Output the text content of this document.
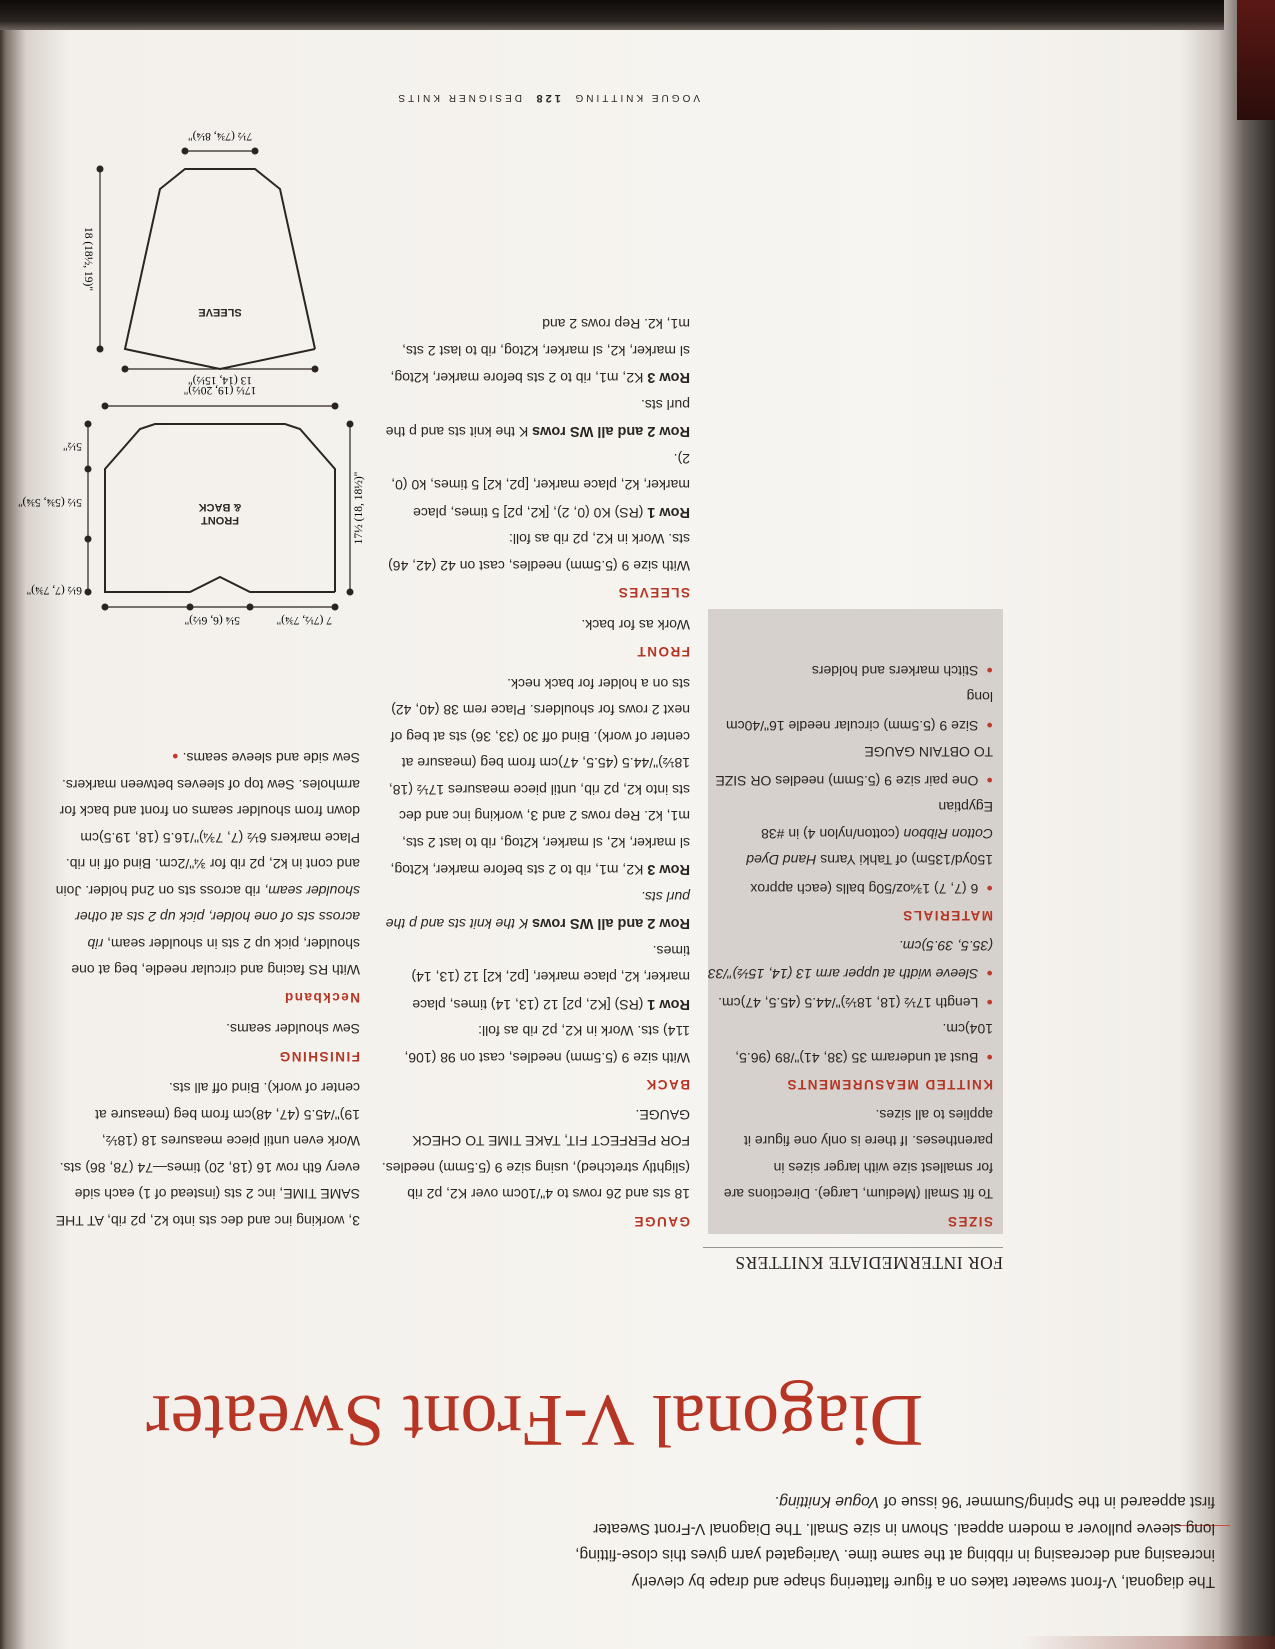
The diagonal, V-front sweater takes on a figure flattering shape and drape by cleverly increasing and decreasing in ribbing at the same time. Variegated yarn gives this close-fitting, long sleeve pullover a modern appeal. Shown in size Small. The Diagonal V-Front Sweater first appeared in the Spring/Summer '96 issue of Vogue Knitting.
Diagonal V-Front Sweater
FOR INTERMEDIATE KNITTERS

SIZES

To fit Small (Medium, Large). Directions are for smallest size with larger sizes in parentheses. If there is only one figure it applies to all sizes.

KNITTED MEASUREMENTS

● Bust at underarm 35 (38, 41)"/89 (96.5, 104)cm.

● Length 17½ (18, 18½)"/44.5 (45.5, 47)cm.

● Sleeve width at upper arm 13 (14, 15½)"/33 (35.5, 39.5)cm.

MATERIALS

● 6 (7, 7) 1¾oz/50g balls (each approx 150yd/135m) of Tahki Yarns Hand Dyed Cotton Ribbon (cotton/nylon 4) in #38 Egyptian

● One pair size 9 (5.5mm) needles OR SIZE TO OBTAIN GAUGE

● Size 9 (5.5mm) circular needle 16"/40cm long

● Stitch markers and holders

GAUGE

18 sts and 26 rows to 4"/10cm over K2, p2 rib (slightly stretched), using size 9 (5.5mm) needles. FOR PERFECT FIT, TAKE TIME TO CHECK GAUGE.

BACK

With size 9 (5.5mm) needles, cast on 98 (106, 114) sts. Work in K2, p2 rib as foll:

Row 1 (RS) [K2, p2] 12 (13, 14) times, place marker, k2, place marker, [p2, k2] 12 (13, 14) times.

Row 2 and all WS rows K the knit sts and p the purl sts.

Row 3 K2, m1, rib to 2 sts before marker, k2tog, sl marker, k2, sl marker, k2tog, rib to last 2 sts, m1, k2. Rep rows 2 and 3, working inc and dec sts into k2, p2 rib, until piece measures 17½ (18, 18½)"/44.5 (45.5, 47)cm from beg (measure at center of work). Bind off 30 (33, 36) sts at beg of next 2 rows for shoulders. Place rem 38 (40, 42) sts on a holder for back neck.

FRONT

Work as for back.

SLEEVES

With size 9 (5.5mm) needles, cast on 42 (42, 46) sts. Work in K2, p2 rib as foll:

Row 1 (RS) K0 (0, 2), [k2, p2] 5 times, place marker, k2, place marker, [p2, k2] 5 times, k0 (0, 2).

Row 2 and all WS rows K the knit sts and p the purl sts.

Row 3 K2, m1, rib to 2 sts before marker, k2tog, sl marker, k2, sl marker, k2tog, rib to last 2 sts, m1, k2. Rep rows 2 and

3, working inc and dec sts into k2, p2 rib, AT THE SAME TIME, inc 2 sts (instead of 1) each side every 6th row 16 (18, 20) times—74 (78, 86) sts. Work even until piece measures 18 (18½, 19)"/45.5 (47, 48)cm from beg (measure at center of work). Bind off all sts.

FINISHING

Sew shoulder seams.

Neckband

With RS facing and circular needle, beg at one shoulder, pick up 2 sts in shoulder seam, rib across sts of one holder, pick up 2 sts at other shoulder seam, rib across sts on 2nd holder. Join and cont in k2, p2 rib for ¾"/2cm. Bind off in rib. Place markers 6½ (7, 7¾)"/16.5 (18, 19.5)cm down from shoulder seams on front and back for armholes. Sew top of sleeves between markers. Sew side and sleeve seams. ●

FRONT
& BACK
17½ (19, 20½)"
17½ (18, 18½)"
6½ (7, 7¾)"
5½ (5¾, 5¾)"
5½"
7 (7½, 7¾)"
5¼ (6, 6½)"
SLEEVE
13 (14, 15½)"
18 (18½, 19)"
7½ (7¾, 8¼)"
VOGUE KNITTING  128  DESIGNER KNITS
